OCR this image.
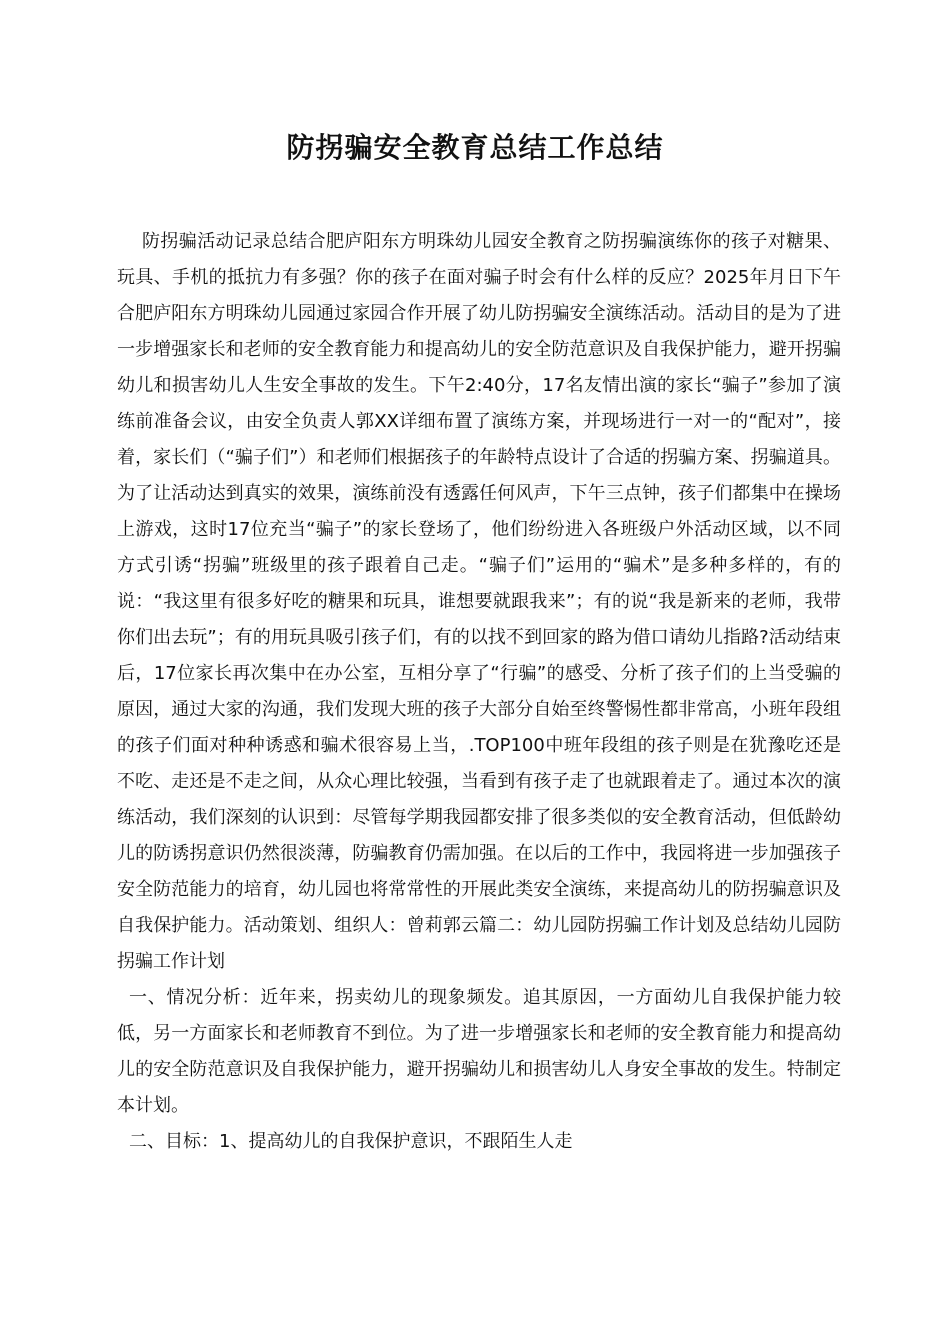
防拐骗安全教育总结工作总结

防拐骗活动记录总结合肥庐阳东方明珠幼儿园安全教育之防拐骗演练你的孩子对糖果、玩具、手机的抵抗力有多强？你的孩子在面对骗子时会有什么样的反应？2025年月日下午合肥庐阳东方明珠幼儿园通过家园合作开展了幼儿防拐骗安全演练活动。活动目的是为了进一步增强家长和老师的安全教育能力和提高幼儿的安全防范意识及自我保护能力，避开拐骗幼儿和损害幼儿人生安全事故的发生。下午2:40分，17名友情出演的家长“骗子”参加了演练前准备会议，由安全负责人郭XX详细布置了演练方案，并现场进行一对一的“配对”，接着，家长们（“骗子们”）和老师们根据孩子的年龄特点设计了合适的拐骗方案、拐骗道具。为了让活动达到真实的效果，演练前没有透露任何风声，下午三点钟，孩子们都集中在操场上游戏，这时17位充当“骗子”的家长登场了，他们纷纷进入各班级户外活动区域，以不同方式引诱“拐骗”班级里的孩子跟着自己走。“骗子们”运用的“骗术”是多种多样的，有的说：“我这里有很多好吃的糖果和玩具，谁想要就跟我来”；有的说“我是新来的老师，我带你们出去玩”；有的用玩具吸引孩子们，有的以找不到回家的路为借口请幼儿指路?活动结束后，17位家长再次集中在办公室，互相分享了“行骗”的感受、分析了孩子们的上当受骗的原因，通过大家的沟通，我们发现大班的孩子大部分自始至终警惕性都非常高，小班年段组的孩子们面对种种诱惑和骗术很容易上当，.TOP100中班年段组的孩子则是在犹豫吃还是不吃、走还是不走之间，从众心理比较强，当看到有孩子走了也就跟着走了。通过本次的演练活动，我们深刻的认识到：尽管每学期我园都安排了很多类似的安全教育活动，但低龄幼儿的防诱拐意识仍然很淡薄，防骗教育仍需加强。在以后的工作中，我园将进一步加强孩子安全防范能力的培育，幼儿园也将常常性的开展此类安全演练，来提高幼儿的防拐骗意识及自我保护能力。活动策划、组织人：曾莉郭云篇二：幼儿园防拐骗工作计划及总结幼儿园防拐骗工作计划

一、情况分析：近年来，拐卖幼儿的现象频发。追其原因，一方面幼儿自我保护能力较低，另一方面家长和老师教育不到位。为了进一步增强家长和老师的安全教育能力和提高幼儿的安全防范意识及自我保护能力，避开拐骗幼儿和损害幼儿人身安全事故的发生。特制定本计划。

二、目标：1、提高幼儿的自我保护意识，不跟陌生人走
